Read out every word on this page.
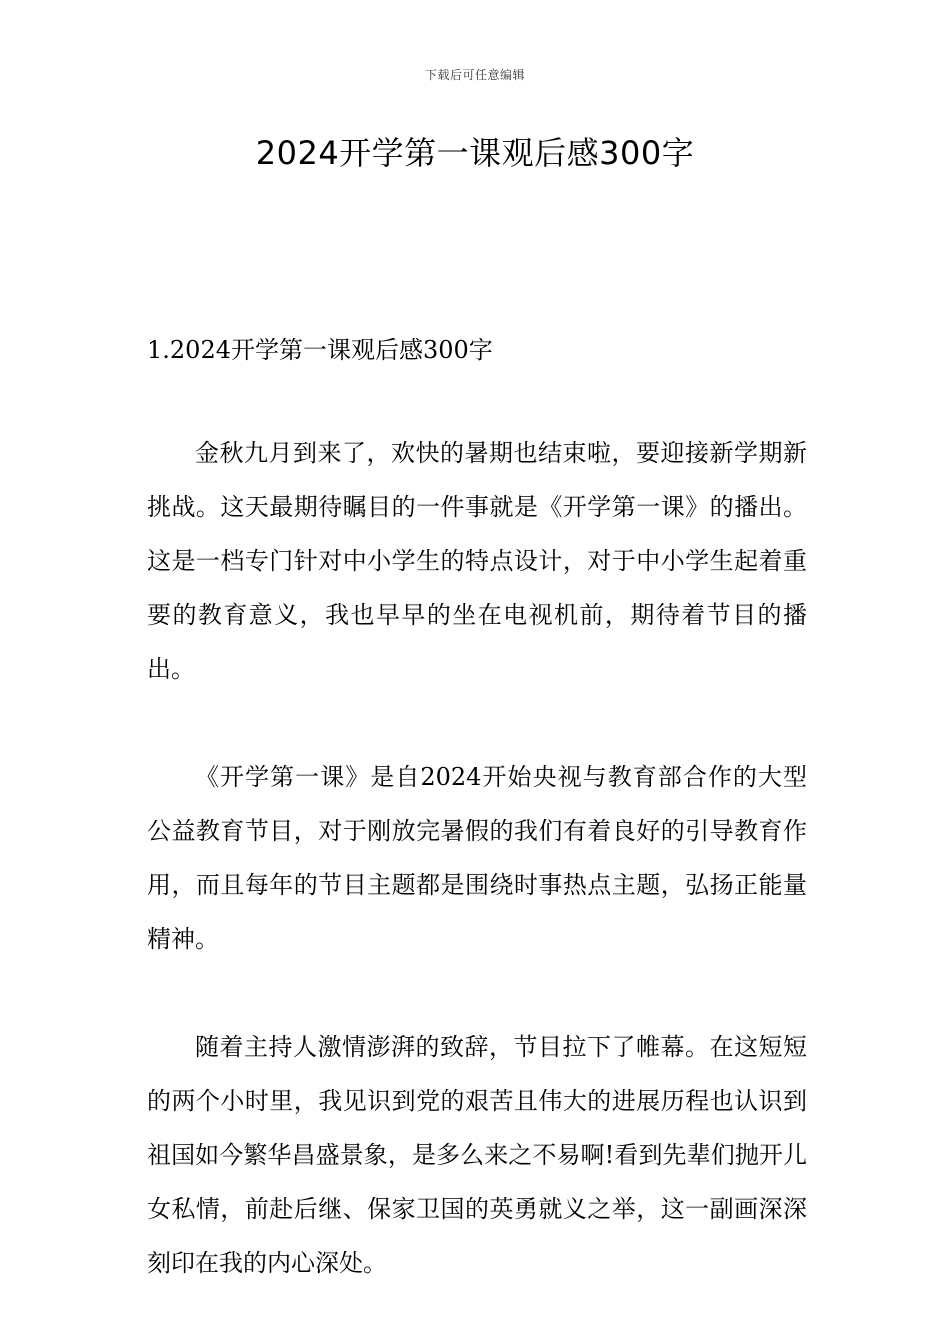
下载后可任意编辑
2024开学第一课观后感300字

1.2024开学第一课观后感300字

金秋九月到来了，欢快的暑期也结束啦，要迎接新学期新挑战。这天最期待瞩目的一件事就是《开学第一课》的播出。这是一档专门针对中小学生的特点设计，对于中小学生起着重要的教育意义，我也早早的坐在电视机前，期待着节目的播出。

《开学第一课》是自2024开始央视与教育部合作的大型公益教育节目，对于刚放完暑假的我们有着良好的引导教育作用，而且每年的节目主题都是围绕时事热点主题，弘扬正能量精神。

随着主持人激情澎湃的致辞，节目拉下了帷幕。在这短短的两个小时里，我见识到党的艰苦且伟大的进展历程也认识到祖国如今繁华昌盛景象，是多么来之不易啊!看到先辈们抛开儿女私情，前赴后继、保家卫国的英勇就义之举，这一副画深深刻印在我的内心深处。
